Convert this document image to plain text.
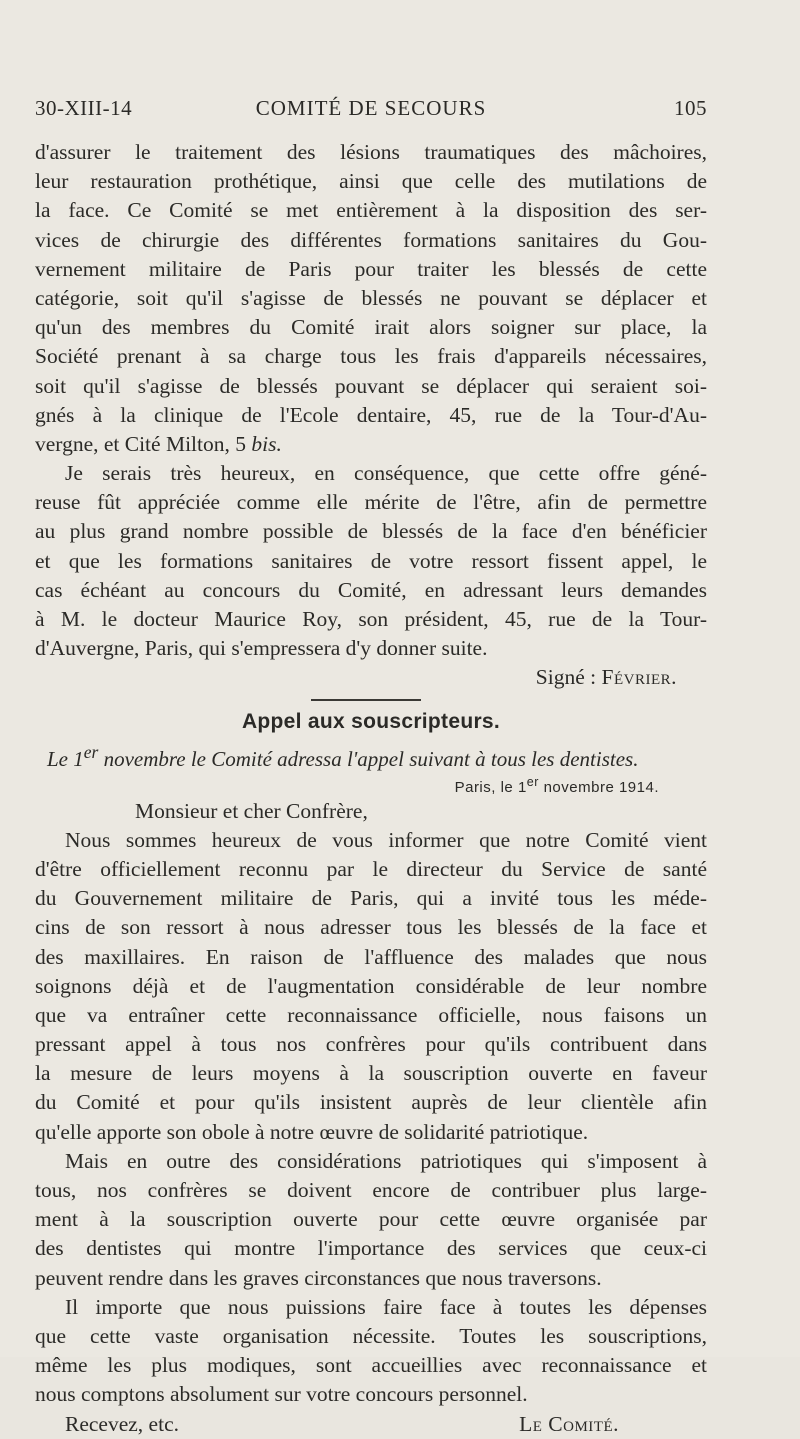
30-XIII-14	COMITÉ DE SECOURS	105
d'assurer le traitement des lésions traumatiques des mâchoires,
leur restauration prothétique, ainsi que celle des mutilations de
la face. Ce Comité se met entièrement à la disposition des ser-
vices de chirurgie des différentes formations sanitaires du Gou-
vernement militaire de Paris pour traiter les blessés de cette
catégorie, soit qu'il s'agisse de blessés ne pouvant se déplacer et
qu'un des membres du Comité irait alors soigner sur place, la
Société prenant à sa charge tous les frais d'appareils nécessaires,
soit qu'il s'agisse de blessés pouvant se déplacer qui seraient soi-
gnés à la clinique de l'Ecole dentaire, 45, rue de la Tour-d'Au-
vergne, et Cité Milton, 5 bis.
Je serais très heureux, en conséquence, que cette offre géné-
reuse fût appréciée comme elle mérite de l'être, afin de permettre
au plus grand nombre possible de blessés de la face d'en bénéficier
et que les formations sanitaires de votre ressort fissent appel, le
cas échéant au concours du Comité, en adressant leurs demandes
à M. le docteur Maurice Roy, son président, 45, rue de la Tour-
d'Auvergne, Paris, qui s'empressera d'y donner suite.
Signé : Février.
Appel aux souscripteurs.
Le 1er novembre le Comité adressa l'appel suivant à tous les dentistes.
Paris, le 1er novembre 1914.
Monsieur et cher Confrère,
Nous sommes heureux de vous informer que notre Comité vient
d'être officiellement reconnu par le directeur du Service de santé
du Gouvernement militaire de Paris, qui a invité tous les méde-
cins de son ressort à nous adresser tous les blessés de la face et
des maxillaires. En raison de l'affluence des malades que nous
soignons déjà et de l'augmentation considérable de leur nombre
que va entraîner cette reconnaissance officielle, nous faisons un
pressant appel à tous nos confrères pour qu'ils contribuent dans
la mesure de leurs moyens à la souscription ouverte en faveur
du Comité et pour qu'ils insistent auprès de leur clientèle afin
qu'elle apporte son obole à notre œuvre de solidarité patriotique.
Mais en outre des considérations patriotiques qui s'imposent à
tous, nos confrères se doivent encore de contribuer plus large-
ment à la souscription ouverte pour cette œuvre organisée par
des dentistes qui montre l'importance des services que ceux-ci
peuvent rendre dans les graves circonstances que nous traversons.
Il importe que nous puissions faire face à toutes les dépenses
que cette vaste organisation nécessite. Toutes les souscriptions,
même les plus modiques, sont accueillies avec reconnaissance et
nous comptons absolument sur votre concours personnel.
Recevez, etc.	Le Comité.
